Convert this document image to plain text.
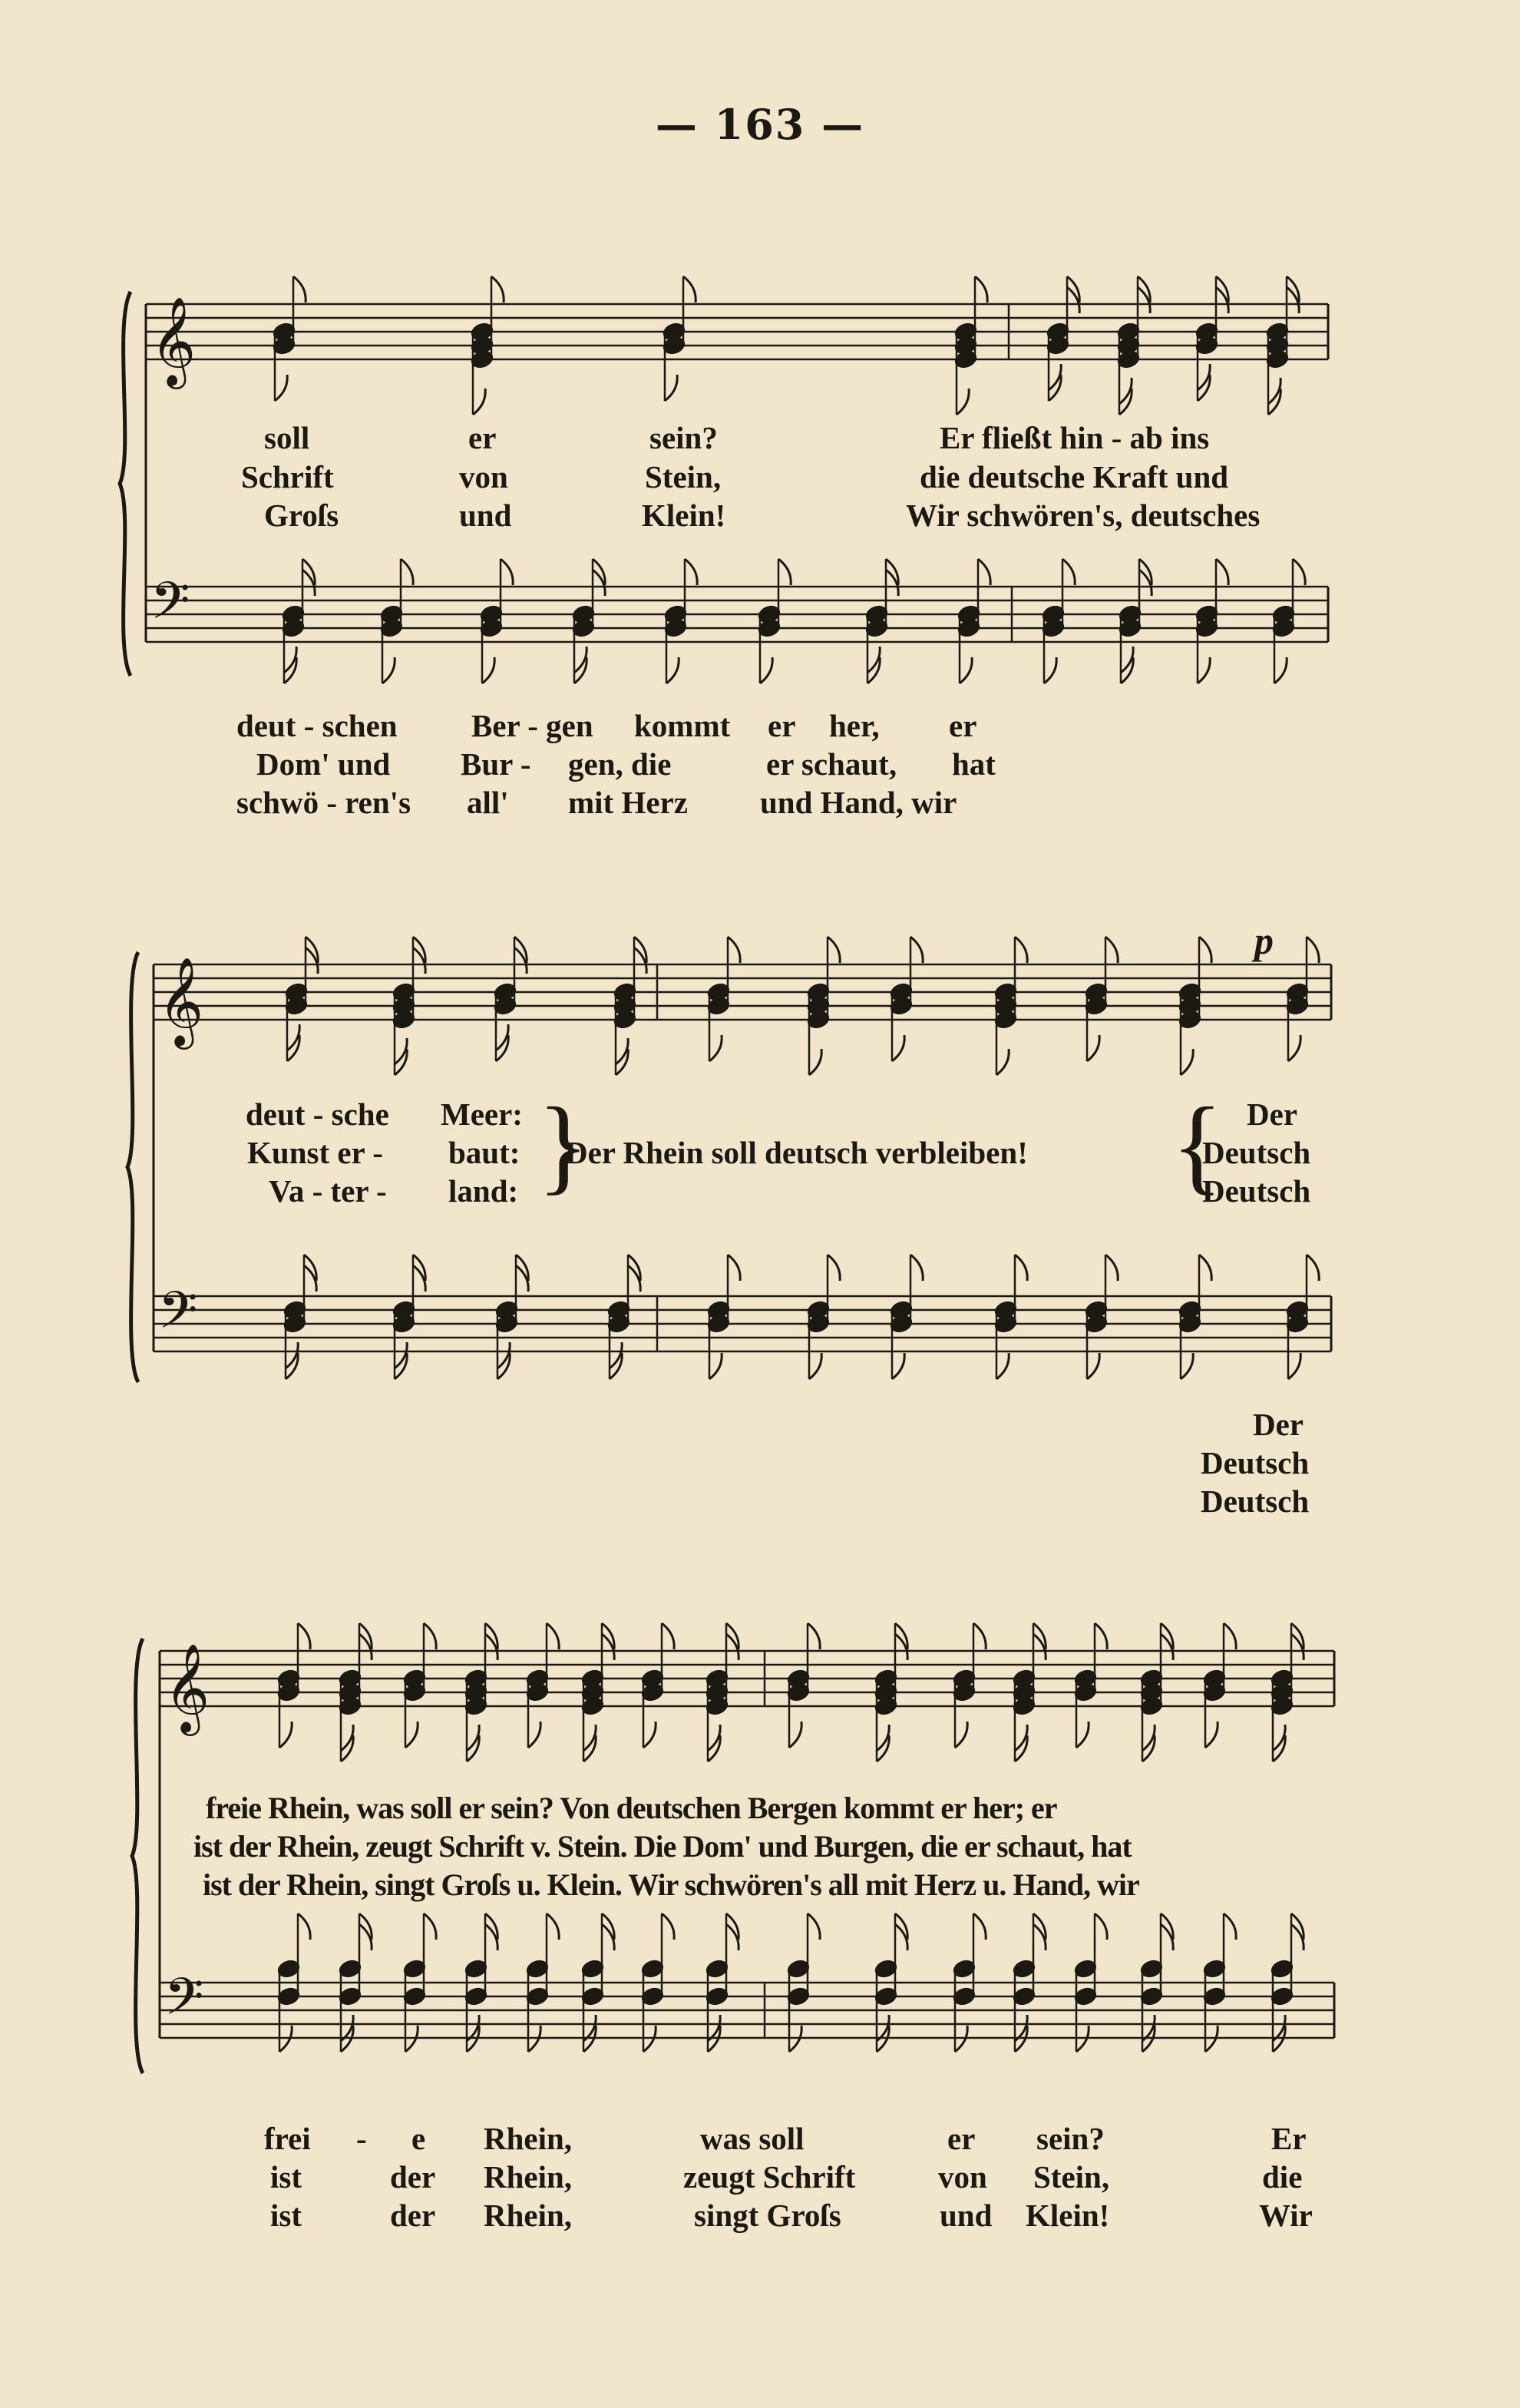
— 163 —
𝄞
𝄢
𝄞
𝄢
𝄞
𝄢
soll	er	sein?	Er fließt hin - ab ins
Schrift	von	Stein,	die deutsche Kraft und
Groſs	und	Klein!	Wir schwören's, deutsches
deut - schen Ber - gen kommt er her, er
Dom' und Bur - gen, die	er schaut, hat
schwö - ren's all' mit Herz und Hand, wir
deut - sche Meer:
Kunst er - baut:
Va - ter - land:
Der Rhein soll deutsch verbleiben!
Der
Deutsch
Deutsch
p
Der
Deutsch
Deutsch
freie Rhein, was soll er sein? Von deutschen Bergen kommt er her; er
ist der Rhein, zeugt Schrift v. Stein. Die Dom' und Burgen, die er schaut, hat
ist der Rhein, singt Groſs u. Klein. Wir schwören's all mit Herz u. Hand, wir
frei - e Rhein,	was soll	er sein?	Er
ist	der Rhein,	zeugt Schrift	von Stein,	die
ist	der Rhein,	singt Groſs	und Klein!	Wir
}	{
